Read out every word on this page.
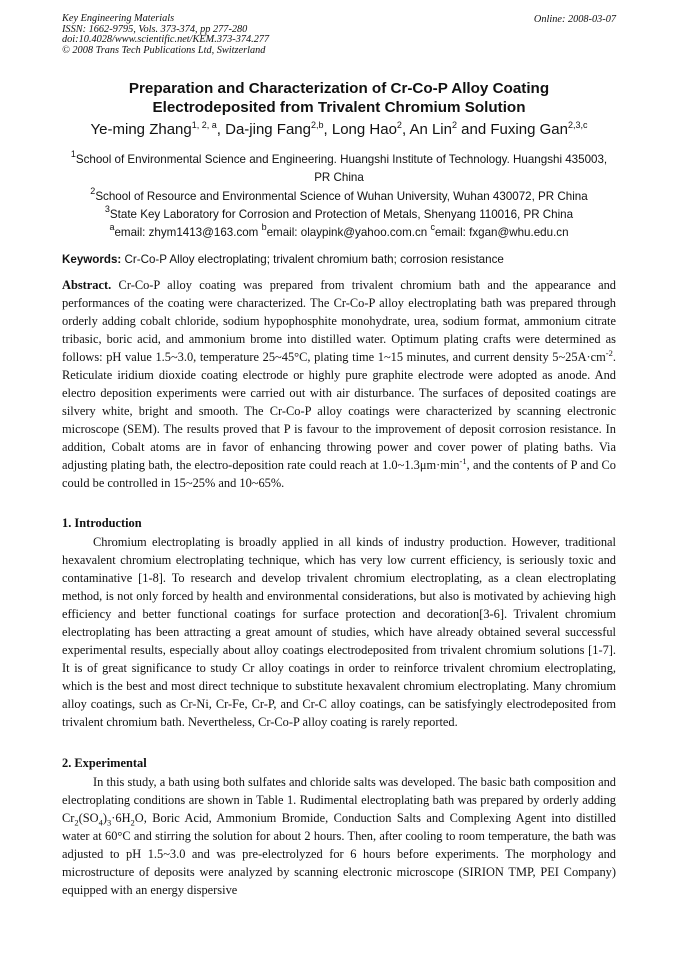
Key Engineering Materials
ISSN: 1662-9795, Vols. 373-374, pp 277-280
doi:10.4028/www.scientific.net/KEM.373-374.277
© 2008 Trans Tech Publications Ltd, Switzerland
Online: 2008-03-07
Preparation and Characterization of Cr-Co-P Alloy Coating
Electrodeposited from Trivalent Chromium Solution
Ye-ming Zhang$^{1, 2, a}$, Da-jing Fang$^{2,b}$, Long Hao$^2$, An Lin$^2$ and Fuxing Gan$^{2,3,c}$
$^1$School of Environmental Science and Engineering. Huangshi Institute of Technology. Huangshi 435003, PR China
$^2$School of Resource and Environmental Science of Wuhan University, Wuhan 430072, PR China
$^3$State Key Laboratory for Corrosion and Protection of Metals, Shenyang 110016, PR China
$^a$email: zhym1413@163.com $^b$email: olaypink@yahoo.com.cn $^c$email: fxgan@whu.edu.cn
Keywords: Cr-Co-P Alloy electroplating; trivalent chromium bath; corrosion resistance
Abstract. Cr-Co-P alloy coating was prepared from trivalent chromium bath and the appearance and performances of the coating were characterized. The Cr-Co-P alloy electroplating bath was prepared through orderly adding cobalt chloride, sodium hypophosphite monohydrate, urea, sodium format, ammonium citrate tribasic, boric acid, and ammonium brome into distilled water. Optimum plating crafts were determined as follows: pH value 1.5~3.0, temperature 25~45°C, plating time 1~15 minutes, and current density $5\sim 25A\cdot cm^{-2}$. Reticulate iridium dioxide coating electrode or highly pure graphite electrode were adopted as anode. And electro deposition experiments were carried out with air disturbance. The surfaces of deposited coatings are silvery white, bright and smooth. The Cr-Co-P alloy coatings were characterized by scanning electronic microscope (SEM). The results proved that P is favour to the improvement of deposit corrosion resistance. In addition, Cobalt atoms are in favor of enhancing throwing power and cover power of plating baths. Via adjusting plating bath, the electro-deposition rate could reach at $1.0\sim 1.3\mu m\cdot\min^{-1}$, and the contents of P and Co could be controlled in 15~25% and 10~65%.
1. Introduction
Chromium electroplating is broadly applied in all kinds of industry production. However, traditional hexavalent chromium electroplating technique, which has very low current efficiency, is seriously toxic and contaminative [1-8]. To research and develop trivalent chromium electroplating, as a clean electroplating method, is not only forced by health and environmental considerations, but also is motivated by achieving high efficiency and better functional coatings for surface protection and decoration[3-6]. Trivalent chromium electroplating has been attracting a great amount of studies, which have already obtained several successful experimental results, especially about alloy coatings electrodeposited from trivalent chromium solutions [1-7]. It is of great significance to study Cr alloy coatings in order to reinforce trivalent chromium electroplating, which is the best and most direct technique to substitute hexavalent chromium electroplating. Many chromium alloy coatings, such as Cr-Ni, Cr-Fe, Cr-P, and Cr-C alloy coatings, can be satisfyingly electrodeposited from trivalent chromium bath. Nevertheless, Cr-Co-P alloy coating is rarely reported.
2. Experimental
In this study, a bath using both sulfates and chloride salts was developed. The basic bath composition and electroplating conditions are shown in Table 1. Rudimental electroplating bath was prepared by orderly adding $Cr_2(SO_4)_3\cdot 6H_2O$, Boric Acid, Ammonium Bromide, Conduction Salts and Complexing Agent into distilled water at 60°C and stirring the solution for about 2 hours. Then, after cooling to room temperature, the bath was adjusted to pH 1.5~3.0 and was pre-electrolyzed for 6 hours before experiments. The morphology and microstructure of deposits were analyzed by scanning electronic microscope (SIRION TMP, PEI Company) equipped with an energy dispersive
